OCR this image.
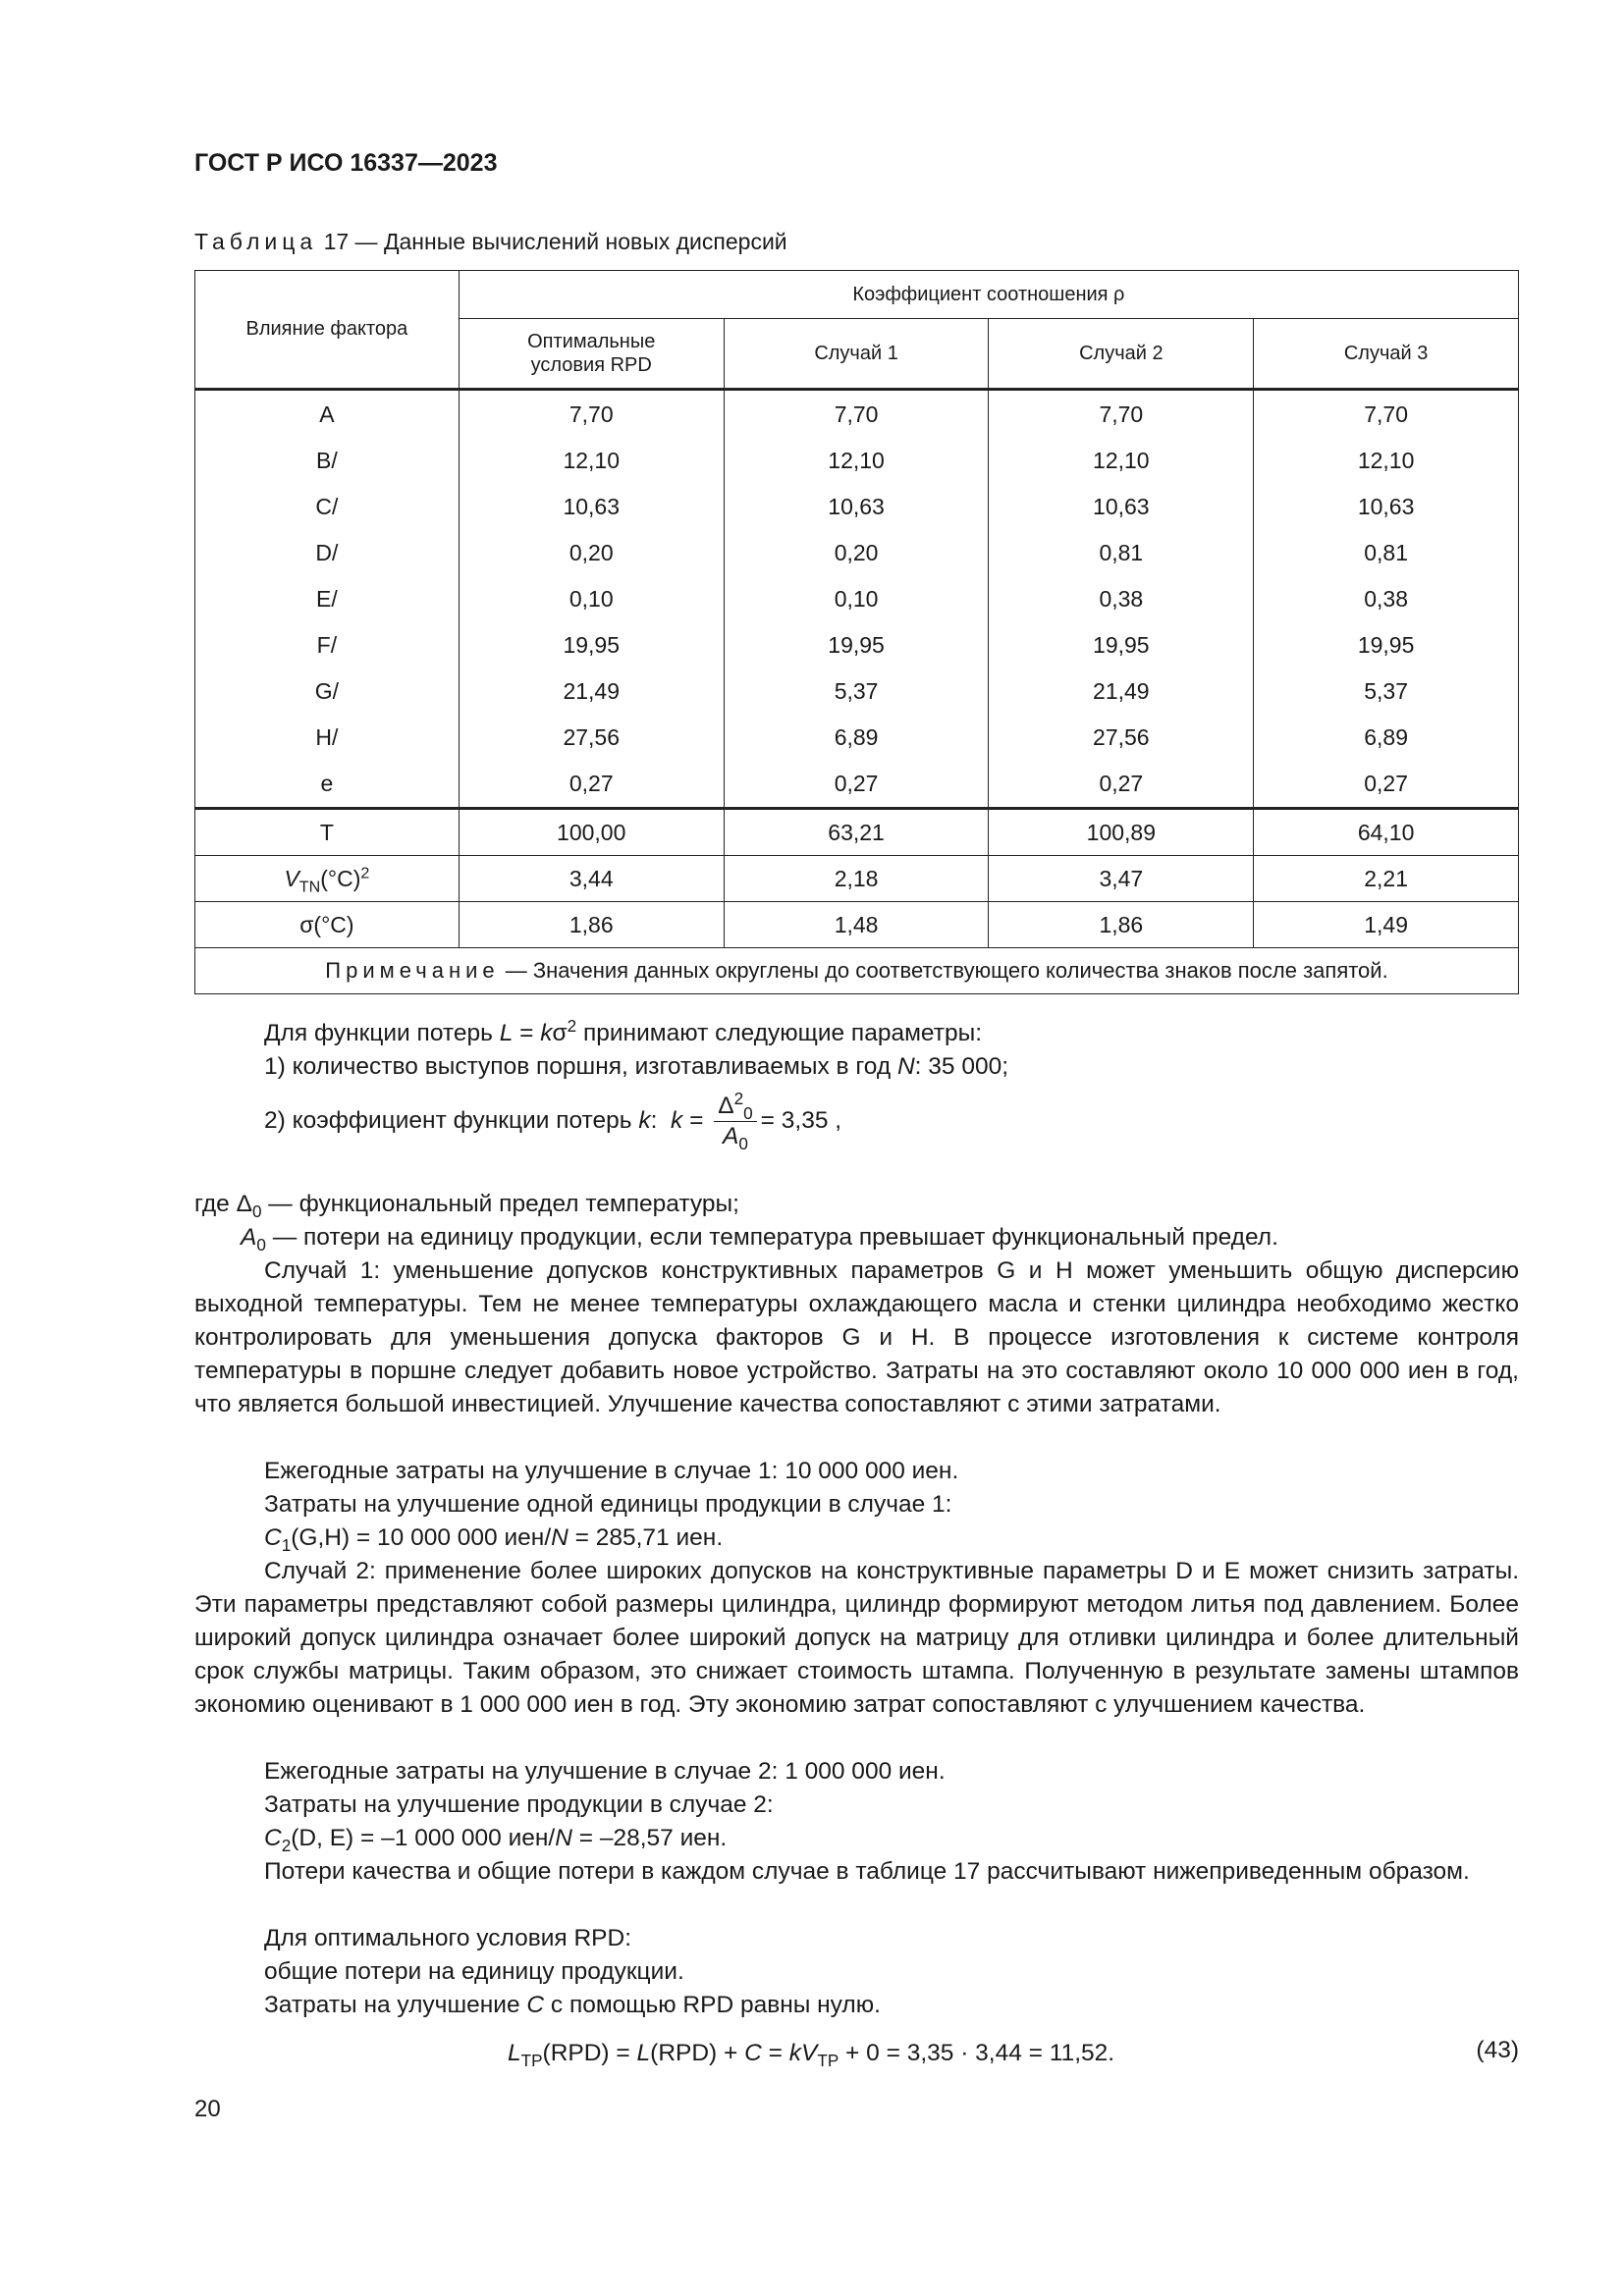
ГОСТ Р ИСО 16337—2023
Таблица 17 — Данные вычислений новых дисперсий
Влияние фактора	Коэффициент соотношения ρ			

	Оптимальные условия RPD	Случай 1	Случай 2	Случай 3
A	7,70	7,70	7,70	7,70
B/	12,10	12,10	12,10	12,10
C/	10,63	10,63	10,63	10,63
D/	0,20	0,20	0,81	0,81
E/	0,10	0,10	0,38	0,38
F/	19,95	19,95	19,95	19,95
G/	21,49	5,37	21,49	5,37
H/	27,56	6,89	27,56	6,89
e	0,27	0,27	0,27	0,27
T	100,00	63,21	100,89	64,10
$V_{TN}(^\circ C)^2$	3,44	2,18	3,47	2,21
σ(°C)	1,86	1,48	1,86	1,49
Примечание — Значения данных округлены до соответствующего количества знаков после запятой.				
Для функции потерь $L = k\sigma^2$ принимают следующие параметры:
1) количество выступов поршня, изготавливаемых в год N: 35 000;
2) коэффициент функции потерь k: $k = \frac{\Delta^2_0}{A_0} = 3,35$ ,
где $\Delta_0$ — функциональный предел температуры;
$A_0$ — потери на единицу продукции, если температура превышает функциональный предел.
Случай 1: уменьшение допусков конструктивных параметров G и H может уменьшить общую дисперсию выходной температуры. Тем не менее температуры охлаждающего масла и стенки цилиндра необходимо жестко контролировать для уменьшения допуска факторов G и H. В процессе изготовления к системе контроля температуры в поршне следует добавить новое устройство. Затраты на это составляют около 10 000 000 иен в год, что является большой инвестицией. Улучшение качества сопоставляют с этими затратами.
Ежегодные затраты на улучшение в случае 1: 10 000 000 иен.
Затраты на улучшение одной единицы продукции в случае 1:
$C_1(G,H) = 10$ 000 000 иен/N = 285,71 иен.
Случай 2: применение более широких допусков на конструктивные параметры D и E может снизить затраты. Эти параметры представляют собой размеры цилиндра, цилиндр формируют методом литья под давлением. Более широкий допуск цилиндра означает более широкий допуск на матрицу для отливки цилиндра и более длительный срок службы матрицы. Таким образом, это снижает стоимость штампа. Полученную в результате замены штампов экономию оценивают в 1 000 000 иен в год. Эту экономию затрат сопоставляют с улучшением качества.
Ежегодные затраты на улучшение в случае 2: 1 000 000 иен.
Затраты на улучшение продукции в случае 2:
$C_2(D$, E) = –1 000 000 иен/N = –28,57 иен.
Потери качества и общие потери в каждом случае в таблице 17 рассчитывают нижеприведенным образом.
Для оптимального условия RPD:
общие потери на единицу продукции.
Затраты на улучшение C с помощью RPD равны нулю.
$L_{TP}(RPD) = L(RPD) + C = kV_{TP} + 0 = 3,35 \cdot 3,44 = 11,52$.	(43)
20
